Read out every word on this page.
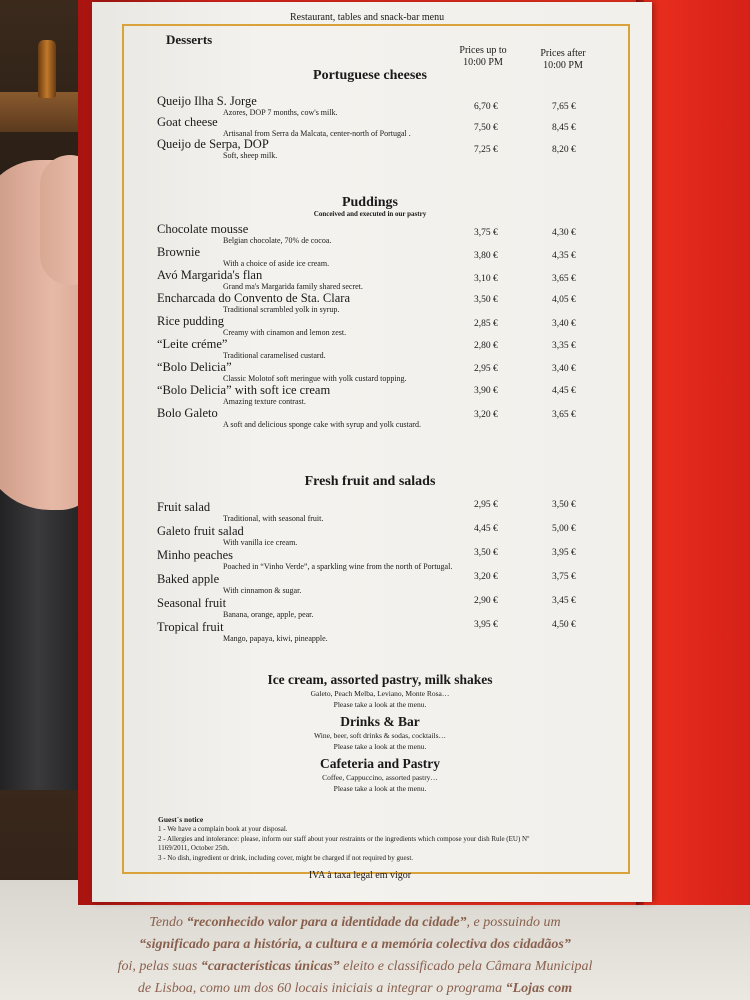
Tendo “reconhecido valor para a identidade da cidade”, e possuindo um
“significado para a história, a cultura e a memória colectiva dos cidadãos”
foi, pelas suas “características únicas” eleito e classificado pela Câmara Municipal
de Lisboa, como um dos 60 locais iniciais a integrar o programa “Lojas com
Restaurant, tables and snack-bar menu
Desserts
Prices up to
10:00 PM
Prices after
10:00 PM
Portuguese cheeses
Queijo Ilha S. Jorge
Azores, DOP 7 months, cow's milk.
6,70 €	7,65 €
Goat cheese
Artisanal from Serra da Malcata, center-north of Portugal .
7,50 €	8,45 €
Queijo de Serpa, DOP
Soft, sheep milk.
7,25 €	8,20 €
Puddings
Conceived and executed in our pastry
Chocolate mousse
Belgian chocolate, 70% de cocoa.
3,75 €	4,30 €
Brownie
With a choice of aside ice cream.
3,80 €	4,35 €
Avó Margarida's flan
Grand ma's Margarida family shared secret.
3,10 €	3,65 €
Encharcada do Convento de Sta. Clara
Traditional scrambled yolk in syrup.
3,50 €	4,05 €
Rice pudding
Creamy with cinamon and lemon zest.
2,85 €	3,40 €
“Leite créme”
Traditional caramelised custard.
2,80 €	3,35 €
“Bolo Delicia”
Classic Molotof soft meringue with yolk custard topping.
2,95 €	3,40 €
“Bolo Delicia” with soft ice cream
Amazing texture contrast.
3,90 €	4,45 €
Bolo Galeto
A soft and delicious sponge cake with syrup and yolk custard.
3,20 €	3,65 €
Fresh fruit and salads
Fruit salad
Traditional, with seasonal fruit.
2,95 €	3,50 €
Galeto fruit salad
With vanilla ice cream.
4,45 €	5,00 €
Minho peaches
Poached in “Vinho Verde”, a sparkling wine from the north of Portugal.
3,50 €	3,95 €
Baked apple
With cinnamon & sugar.
3,20 €	3,75 €
Seasonal fruit
Banana, orange, apple, pear.
2,90 €	3,45 €
Tropical fruit
Mango, papaya, kiwi, pineapple.
3,95 €	4,50 €
Ice cream, assorted pastry, milk shakes
Galeto, Peach Melba, Leviano, Monte Rosa…
Please take a look at the menu.
Drinks & Bar
Wine, beer, soft drinks & sodas, cocktails…
Please take a look at the menu.
Cafeteria and Pastry
Coffee, Cappuccino, assorted pastry…
Please take a look at the menu.
Guest´s notice
1 - We have a complain book at your disposal.
2 - Allergies and intolerance: please, inform our staff about your restraints or the ingredients which compose your dish Rule (EU) Nº
1169/2011, October 25th.
3 - No dish, ingredient or drink, including cover, might be charged if not required by guest.
IVA à taxa legal em vigor
